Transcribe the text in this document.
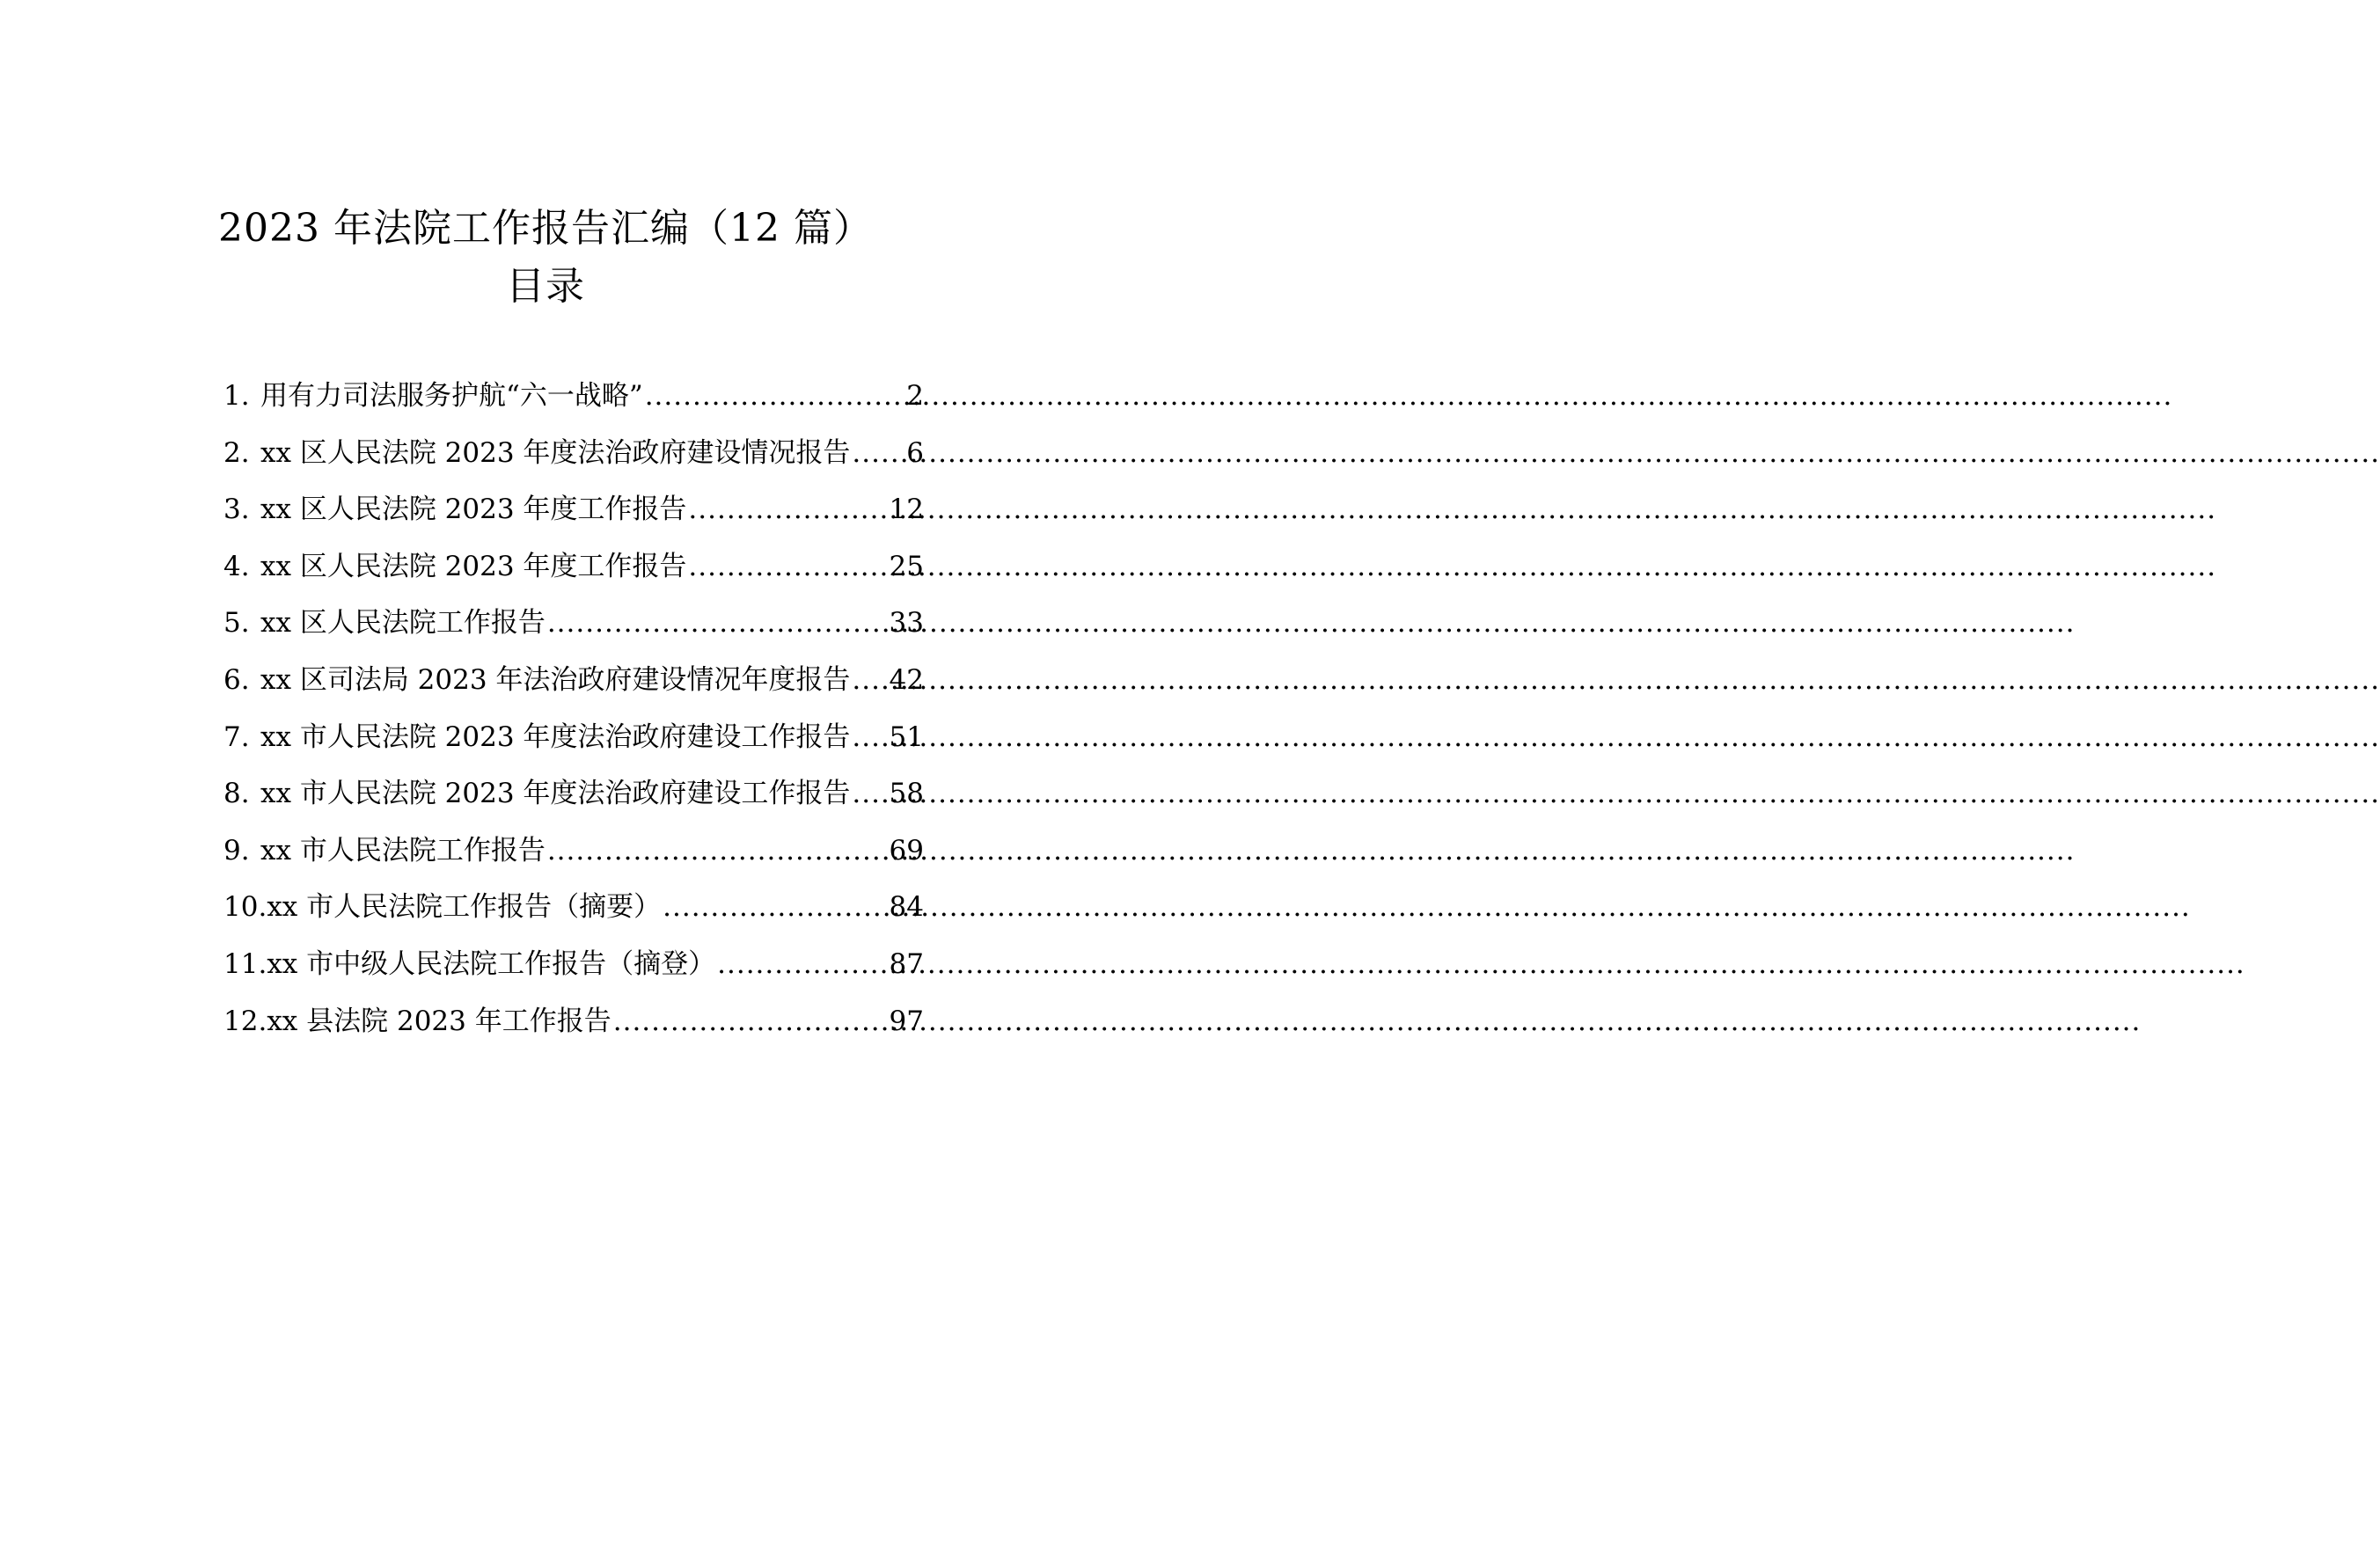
2023 年法院工作报告汇编（12 篇）
目录
1. 用有力司法服务护航“六一战略” .....	2
2. xx 区人民法院 2023 年度法治政府建设情况报告 ..... 6
3. xx 区人民法院 2023 年度工作报告 .....	12
4. xx 区人民法院 2023 年度工作报告 .....	25
5. xx 区人民法院工作报告 .....	33
6. xx 区司法局 2023 年法治政府建设情况年度报告 ..... 42
7. xx 市人民法院 2023 年度法治政府建设工作报告 ..... 51
8. xx 市人民法院 2023 年度法治政府建设工作报告 ..... 58
9. xx 市人民法院工作报告 .....	69
10. xx 市人民法院工作报告（摘要） .....	84
11. xx 市中级人民法院工作报告（摘登） .....	87
12. xx 县法院 2023 年工作报告 .....	97
